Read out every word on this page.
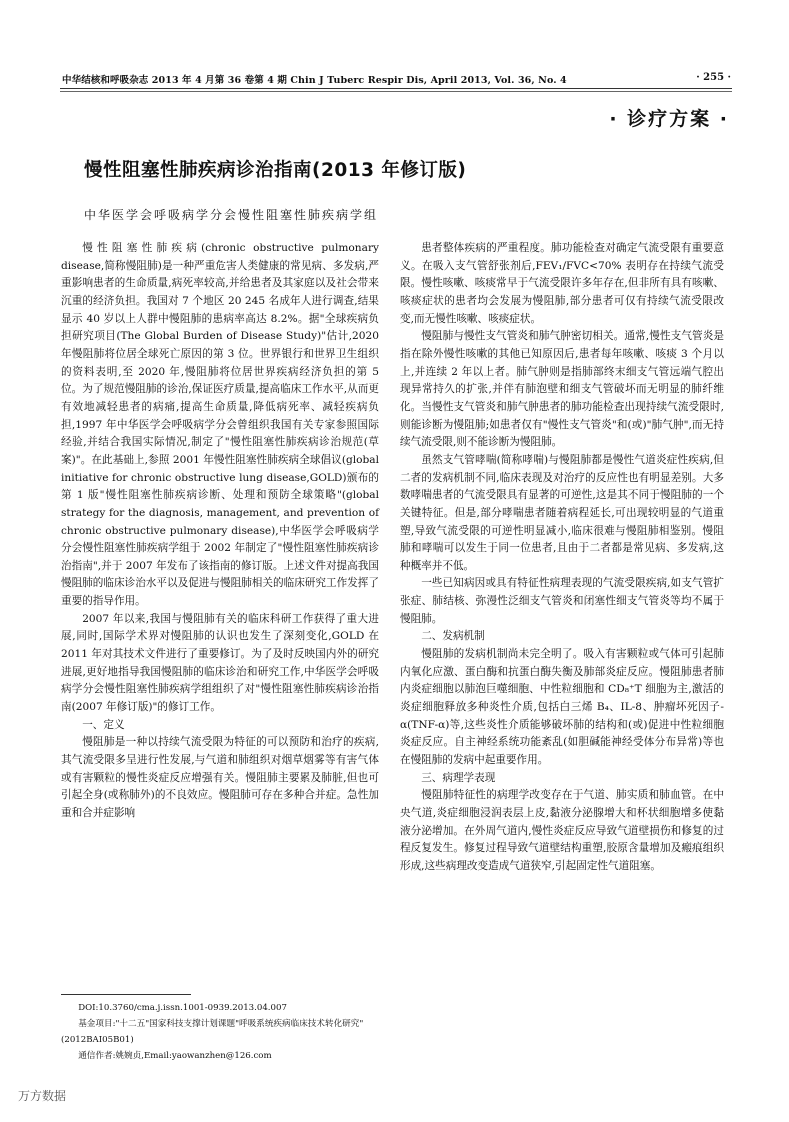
中华结核和呼吸杂志 2013 年 4 月第 36 卷第 4 期 Chin J Tuberc Respir Dis, April 2013, Vol. 36, No. 4	· 255 ·
· 诊疗方案 ·
慢性阻塞性肺疾病诊治指南(2013 年修订版)
中华医学会呼吸病学分会慢性阻塞性肺疾病学组

慢性阻塞性肺疾病(chronic obstructive pulmonary disease,简称慢阻肺)是一种严重危害人类健康的常见病、多发病,严重影响患者的生命质量,病死率较高,并给患者及其家庭以及社会带来沉重的经济负担。我国对 7 个地区 20 245 名成年人进行调查,结果显示 40 岁以上人群中慢阻肺的患病率高达 8.2%。据"全球疾病负担研究项目(The Global Burden of Disease Study)"估计,2020 年慢阻肺将位居全球死亡原因的第 3 位。世界银行和世界卫生组织的资料表明,至 2020 年,慢阻肺将位居世界疾病经济负担的第 5 位。为了规范慢阻肺的诊治,保证医疗质量,提高临床工作水平,从而更有效地减轻患者的病痛,提高生命质量,降低病死率、减轻疾病负担,1997 年中华医学会呼吸病学分会曾组织我国有关专家参照国际经验,并结合我国实际情况,制定了"慢性阻塞性肺疾病诊治规范(草案)"。在此基础上,参照 2001 年慢性阻塞性肺疾病全球倡议(global initiative for chronic obstructive lung disease,GOLD)颁布的第 1 版"慢性阻塞性肺疾病诊断、处理和预防全球策略"(global strategy for the diagnosis, management, and prevention of chronic obstructive pulmonary disease),中华医学会呼吸病学分会慢性阻塞性肺疾病学组于 2002 年制定了"慢性阻塞性肺疾病诊治指南",并于 2007 年发布了该指南的修订版。上述文件对提高我国慢阻肺的临床诊治水平以及促进与慢阻肺相关的临床研究工作发挥了重要的指导作用。

2007 年以来,我国与慢阻肺有关的临床科研工作获得了重大进展,同时,国际学术界对慢阻肺的认识也发生了深刻变化,GOLD 在 2011 年对其技术文件进行了重要修订。为了及时反映国内外的研究进展,更好地指导我国慢阻肺的临床诊治和研究工作,中华医学会呼吸病学分会慢性阻塞性肺疾病学组组织了对"慢性阻塞性肺疾病诊治指南(2007 年修订版)"的修订工作。

一、定义

慢阻肺是一种以持续气流受限为特征的可以预防和治疗的疾病,其气流受限多呈进行性发展,与气道和肺组织对烟草烟雾等有害气体或有害颗粒的慢性炎症反应增强有关。慢阻肺主要累及肺脏,但也可引起全身(或称肺外)的不良效应。慢阻肺可存在多种合并症。急性加重和合并症影响

患者整体疾病的严重程度。肺功能检查对确定气流受限有重要意义。在吸入支气管舒张剂后,FEV₁/FVC<70% 表明存在持续气流受限。慢性咳嗽、咳痰常早于气流受限许多年存在,但非所有具有咳嗽、咳痰症状的患者均会发展为慢阻肺,部分患者可仅有持续气流受限改变,而无慢性咳嗽、咳痰症状。

慢阻肺与慢性支气管炎和肺气肿密切相关。通常,慢性支气管炎是指在除外慢性咳嗽的其他已知原因后,患者每年咳嗽、咳痰 3 个月以上,并连续 2 年以上者。肺气肿则是指肺部终末细支气管远端气腔出现异常持久的扩张,并伴有肺泡壁和细支气管破坏而无明显的肺纤维化。当慢性支气管炎和肺气肿患者的肺功能检查出现持续气流受限时,则能诊断为慢阻肺;如患者仅有"慢性支气管炎"和(或)"肺气肿",而无持续气流受限,则不能诊断为慢阻肺。

虽然支气管哮喘(简称哮喘)与慢阻肺都是慢性气道炎症性疾病,但二者的发病机制不同,临床表现及对治疗的反应性也有明显差别。大多数哮喘患者的气流受限具有显著的可逆性,这是其不同于慢阻肺的一个关键特征。但是,部分哮喘患者随着病程延长,可出现较明显的气道重塑,导致气流受限的可逆性明显减小,临床很难与慢阻肺相鉴别。慢阻肺和哮喘可以发生于同一位患者,且由于二者都是常见病、多发病,这种概率并不低。

一些已知病因或具有特征性病理表现的气流受限疾病,如支气管扩张症、肺结核、弥漫性泛细支气管炎和闭塞性细支气管炎等均不属于慢阻肺。

二、发病机制

慢阻肺的发病机制尚未完全明了。吸入有害颗粒或气体可引起肺内氧化应激、蛋白酶和抗蛋白酶失衡及肺部炎症反应。慢阻肺患者肺内炎症细胞以肺泡巨噬细胞、中性粒细胞和 CD₈⁺T 细胞为主,激活的炎症细胞释放多种炎性介质,包括白三烯 B₄、IL-8、肿瘤坏死因子-α(TNF-α)等,这些炎性介质能够破坏肺的结构和(或)促进中性粒细胞炎症反应。自主神经系统功能紊乱(如胆碱能神经受体分布异常)等也在慢阻肺的发病中起重要作用。

三、病理学表现

慢阻肺特征性的病理学改变存在于气道、肺实质和肺血管。在中央气道,炎症细胞浸润表层上皮,黏液分泌腺增大和杯状细胞增多使黏液分泌增加。在外周气道内,慢性炎症反应导致气道壁损伤和修复的过程反复发生。修复过程导致气道壁结构重塑,胶原含量增加及瘢痕组织形成,这些病理改变造成气道狭窄,引起固定性气道阻塞。

DOI:10.3760/cma.j.issn.1001-0939.2013.04.007
基金项目:"十二五"国家科技支撑计划课题"呼吸系统疾病临床技术转化研究"(2012BAI05B01)
通信作者:姚婉贞,Email:yaowanzhen@126.com
万方数据
